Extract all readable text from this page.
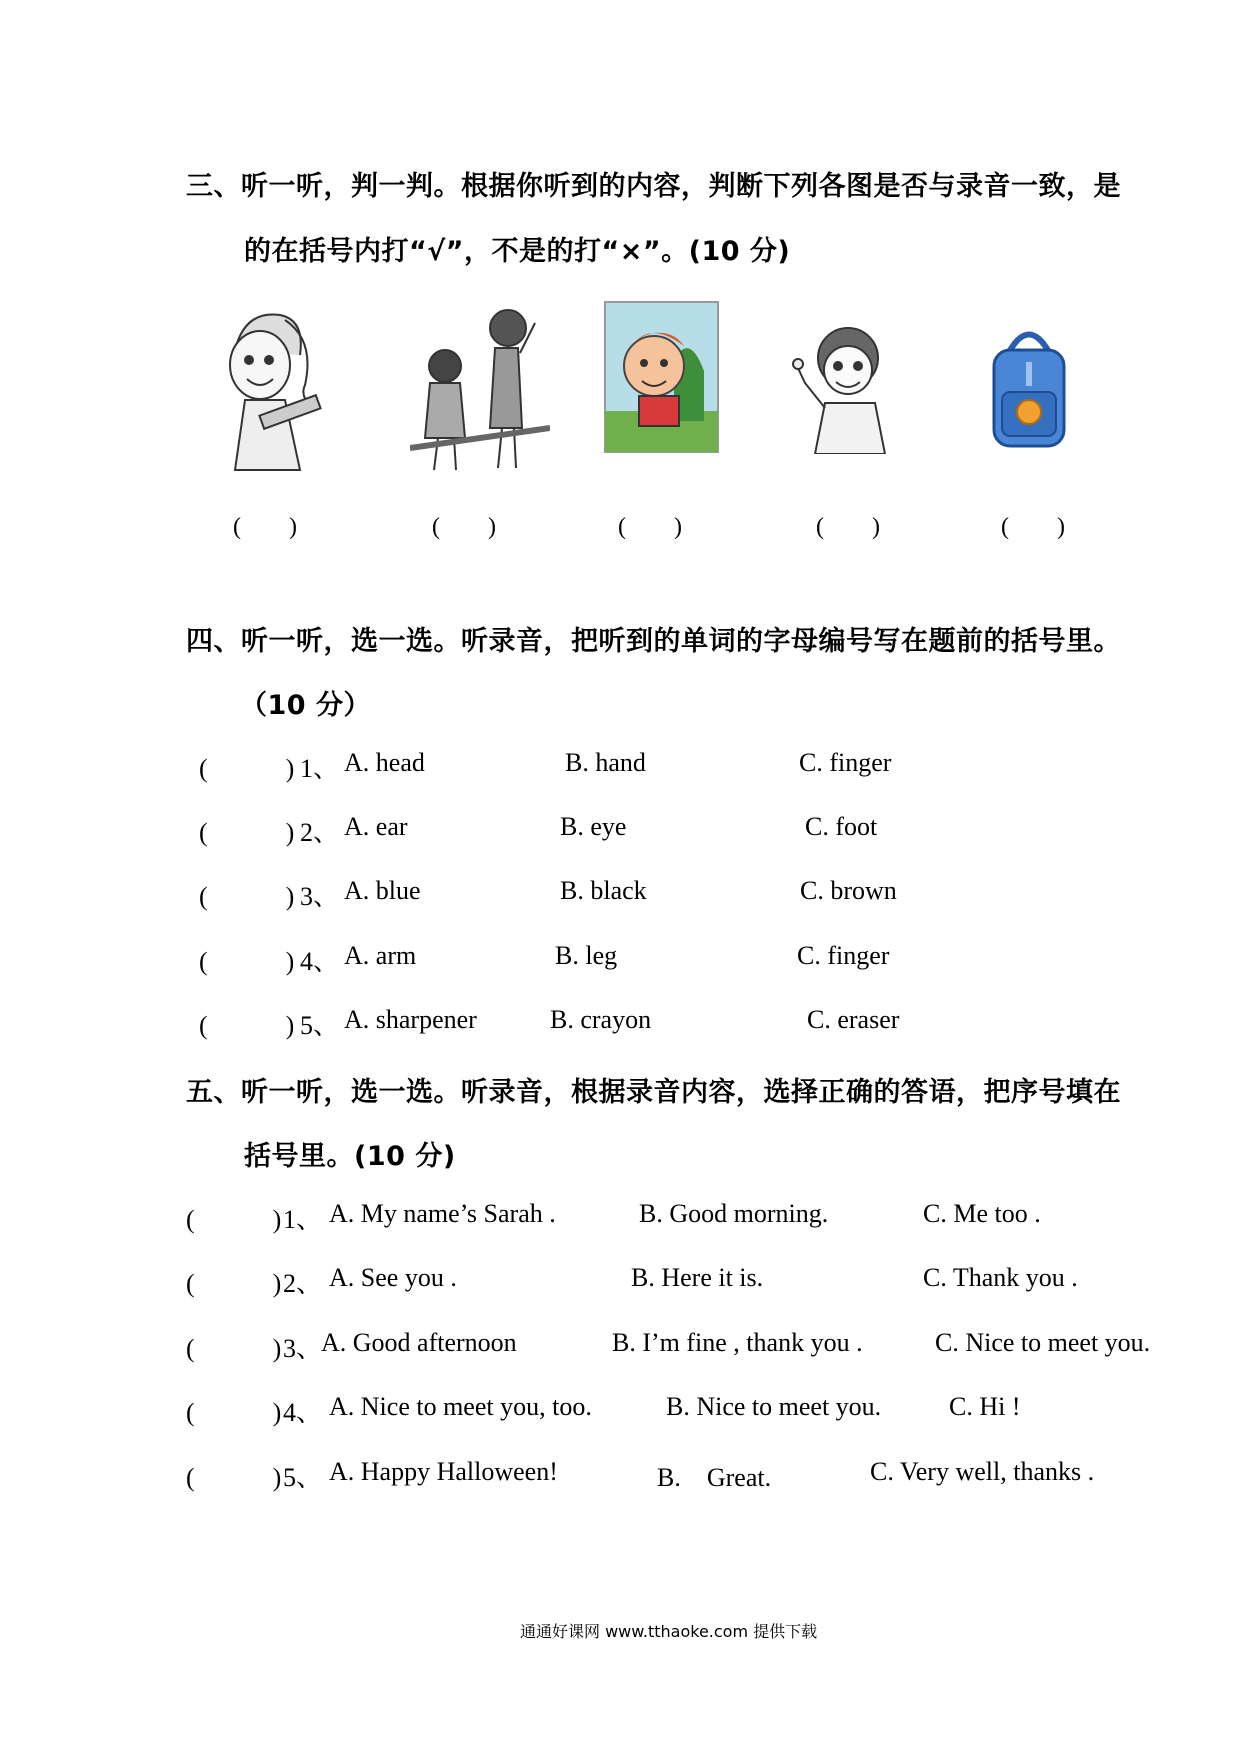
三、听一听，判一判。根据你听到的内容，判断下列各图是否与录音一致，是
的在括号内打“√”，不是的打“×”。(10 分)
(　　)	(　　)	(　　)	(　　)	(　　)
四、听一听，选一选。听录音，把听到的单词的字母编号写在题前的括号里。
（10 分）
(　　　) 1、 A. head	B. hand	C. finger
(　　　) 2、 A. ear	B. eye	C. foot
(　　　) 3、 A. blue	B. black	C. brown
(　　　) 4、 A. arm	B. leg	C. finger
(　　　) 5、 A. sharpener	B. crayon	C. eraser
五、听一听，选一选。听录音，根据录音内容，选择正确的答语，把序号填在
括号里。(10 分)
(　　　) 1、 A. My name’s Sarah .	B. Good morning.	C. Me too .
(　　　) 2、 A. See you .	B. Here it is.	C. Thank you .
(　　　) 3、
A. Good afternoon	B. I’m fine , thank you .	C. Nice to meet you.
(　　　) 4、 A. Nice to meet you, too.	B. Nice to meet you.	C. Hi !
(　　　) 5、 A. Happy Halloween!	B.　Great.	C. Very well, thanks .
通通好课网 www.tthaoke.com 提供下载
